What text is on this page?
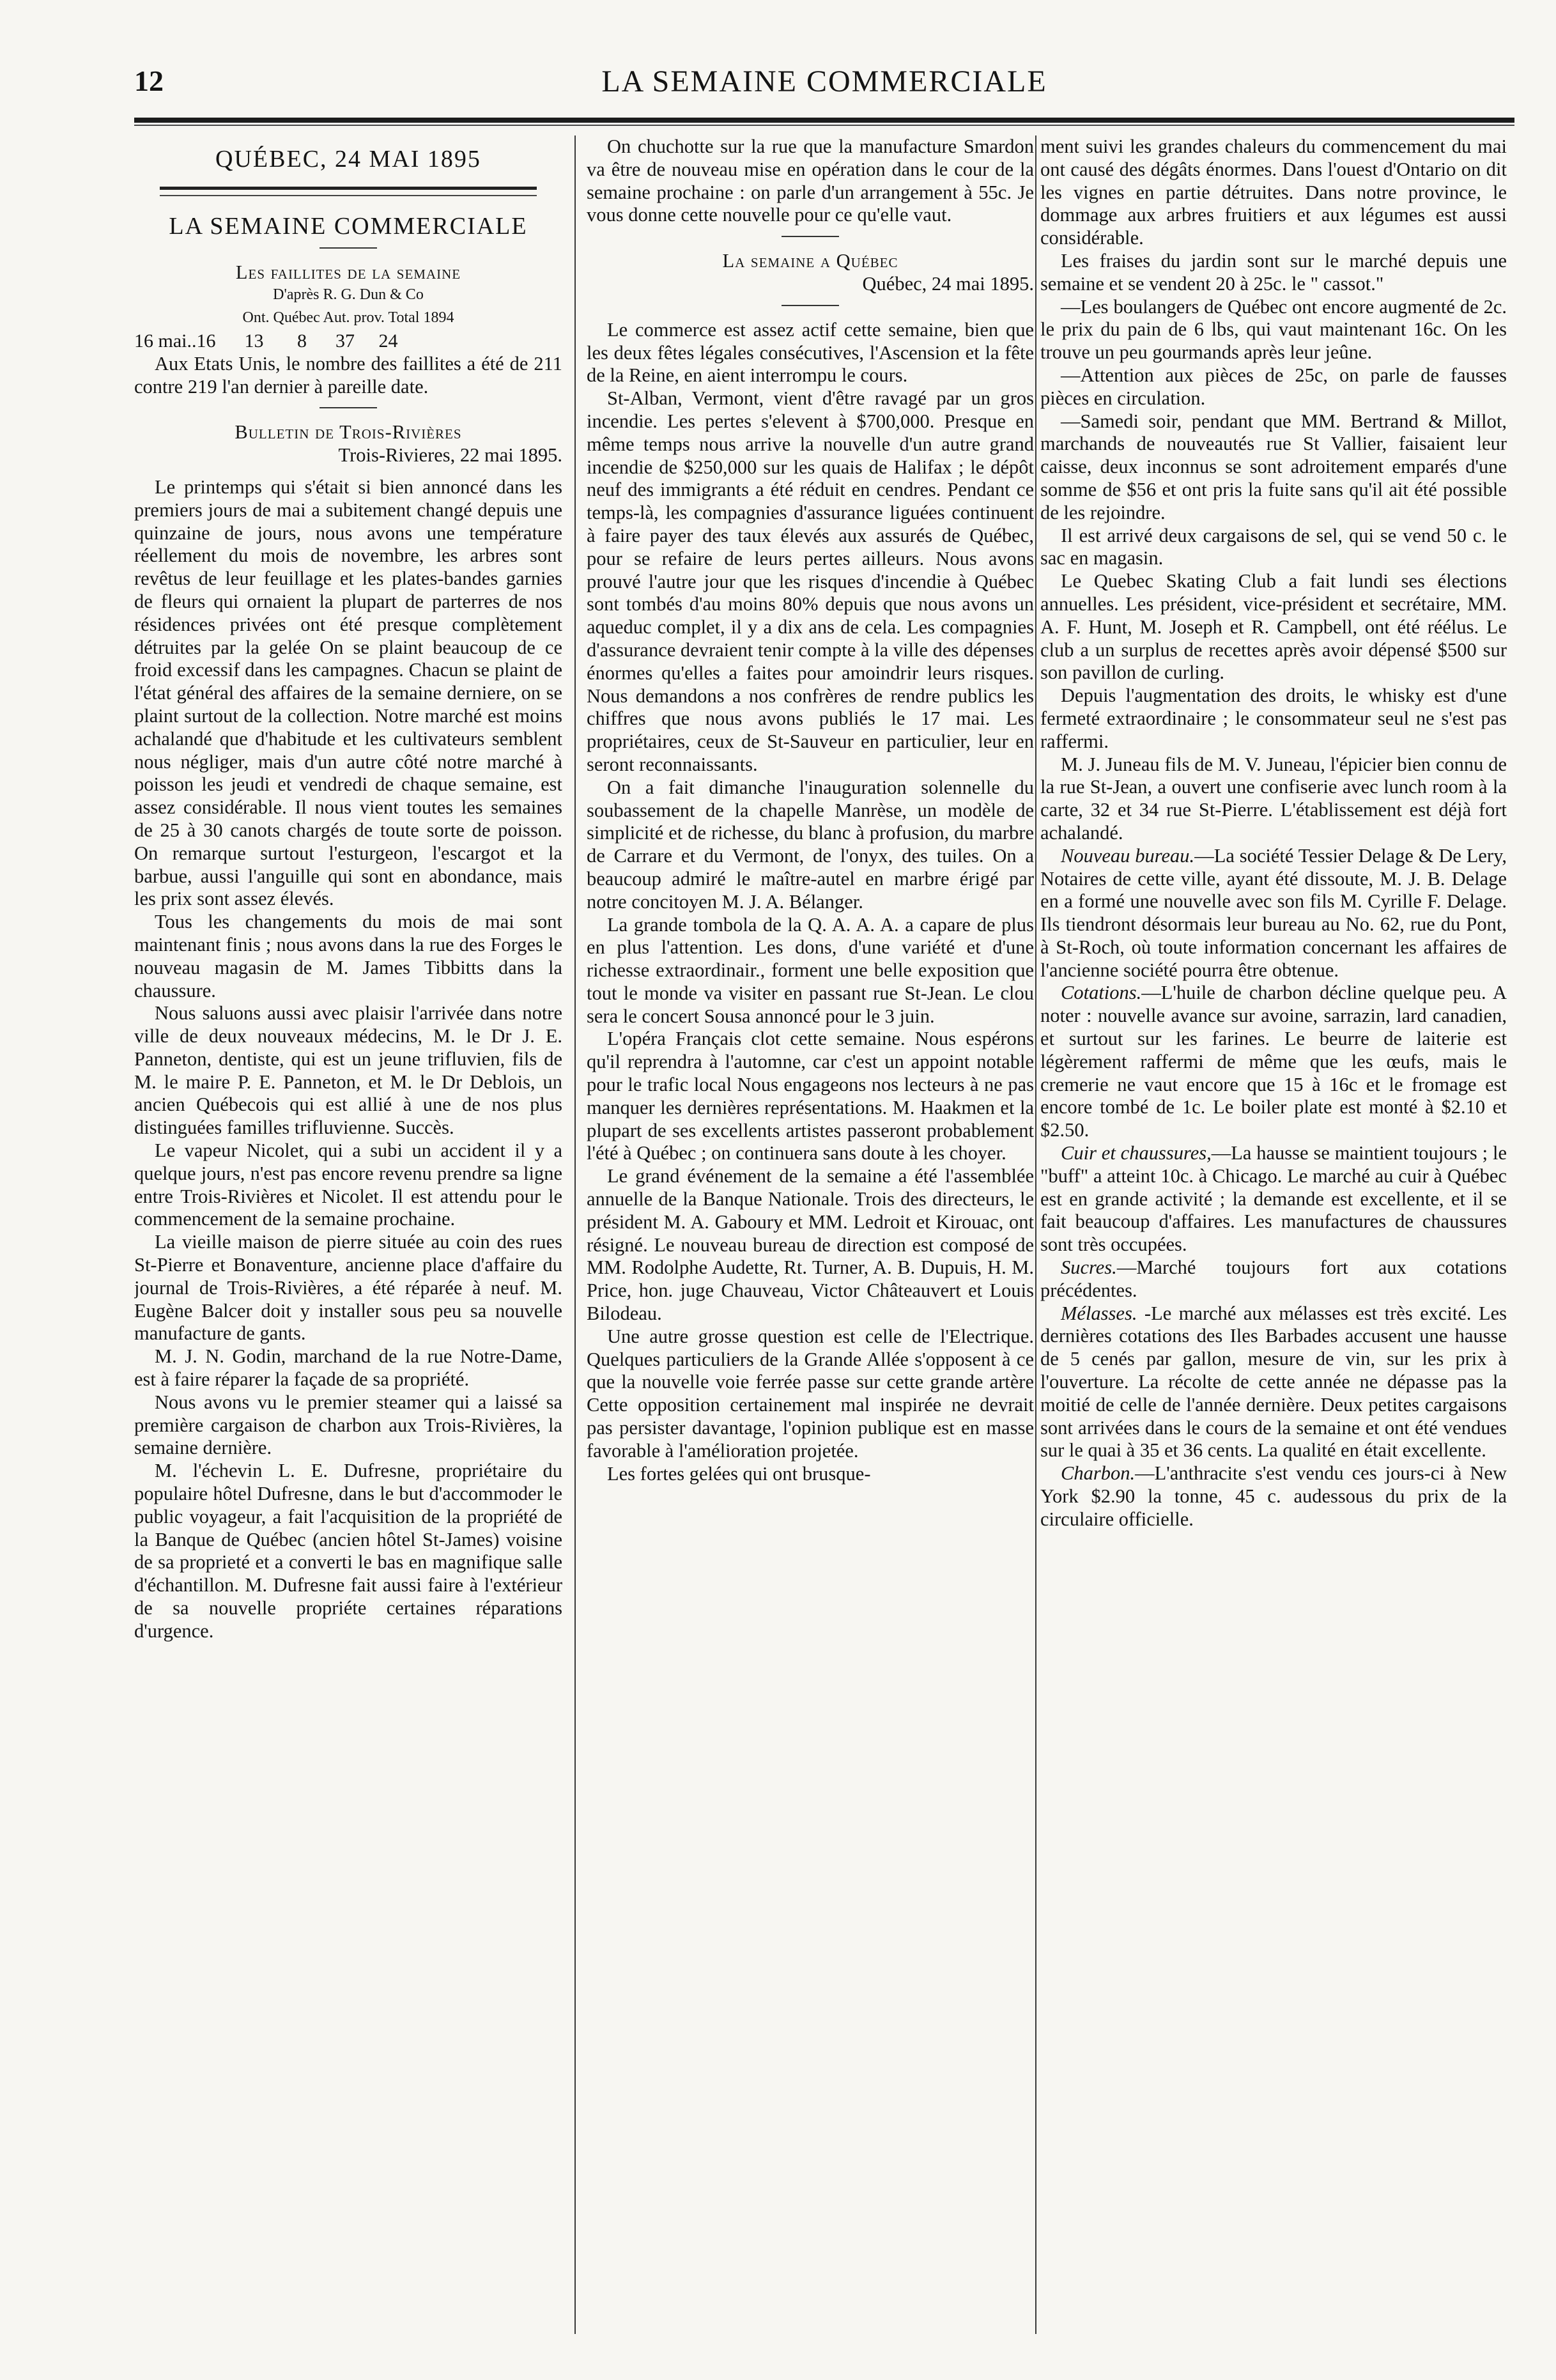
12	LA SEMAINE COMMERCIALE

QUÉBEC, 24 MAI 1895

LA SEMAINE COMMERCIALE

Les faillites de la semaine

D'après R. G. Dun & Co

Ont. Québec Aut. prov. Total 1894

16 mai..16      13       8      37     24

Aux Etats Unis, le nombre des faillites a été de 211 contre 219 l'an dernier à pareille date.

Bulletin de Trois-Rivières

Trois-Rivieres, 22 mai 1895.

Le printemps qui s'était si bien annoncé dans les premiers jours de mai a subitement changé depuis une quinzaine de jours, nous avons une température réellement du mois de novembre, les arbres sont revêtus de leur feuillage et les plates-bandes garnies de fleurs qui ornaient la plupart de parterres de nos résidences privées ont été presque complètement détruites par la gelée On se plaint beaucoup de ce froid excessif dans les campagnes. Chacun se plaint de l'état général des affaires de la semaine derniere, on se plaint surtout de la collection. Notre marché est moins achalandé que d'habitude et les cultivateurs semblent nous négliger, mais d'un autre côté notre marché à poisson les jeudi et vendredi de chaque semaine, est assez considérable. Il nous vient toutes les semaines de 25 à 30 canots chargés de toute sorte de poisson. On remarque surtout l'esturgeon, l'escargot et la barbue, aussi l'anguille qui sont en abondance, mais les prix sont assez élevés.

Tous les changements du mois de mai sont maintenant finis ; nous avons dans la rue des Forges le nouveau magasin de M. James Tibbitts dans la chaussure.

Nous saluons aussi avec plaisir l'arrivée dans notre ville de deux nouveaux médecins, M. le Dr J. E. Panneton, dentiste, qui est un jeune trifluvien, fils de M. le maire P. E. Panneton, et M. le Dr Deblois, un ancien Québecois qui est allié à une de nos plus distinguées familles trifluvienne. Succès.

Le vapeur Nicolet, qui a subi un accident il y a quelque jours, n'est pas encore revenu prendre sa ligne entre Trois-Rivières et Nicolet. Il est attendu pour le commencement de la semaine prochaine.

La vieille maison de pierre située au coin des rues St-Pierre et Bonaventure, ancienne place d'affaire du journal de Trois-Rivières, a été réparée à neuf. M. Eugène Balcer doit y installer sous peu sa nouvelle manufacture de gants.

M. J. N. Godin, marchand de la rue Notre-Dame, est à faire réparer la façade de sa propriété.

Nous avons vu le premier steamer qui a laissé sa première cargaison de charbon aux Trois-Rivières, la semaine dernière.

M. l'échevin L. E. Dufresne, propriétaire du populaire hôtel Dufresne, dans le but d'accommoder le public voyageur, a fait l'acquisition de la propriété de la Banque de Québec (ancien hôtel St-James) voisine de sa proprieté et a converti le bas en magnifique salle d'échantillon. M. Dufresne fait aussi faire à l'extérieur de sa nouvelle propriéte certaines réparations d'urgence.

On chuchotte sur la rue que la manufacture Smardon va être de nouveau mise en opération dans le cour de la semaine prochaine : on parle d'un arrangement à 55c. Je vous donne cette nouvelle pour ce qu'elle vaut.

La semaine a Québec

Québec, 24 mai 1895.

Le commerce est assez actif cette semaine, bien que les deux fêtes légales consécutives, l'Ascension et la fête de la Reine, en aient interrompu le cours.

St-Alban, Vermont, vient d'être ravagé par un gros incendie. Les pertes s'elevent à $700,000. Presque en même temps nous arrive la nouvelle d'un autre grand incendie de $250,000 sur les quais de Halifax ; le dépôt neuf des immigrants a été réduit en cendres. Pendant ce temps-là, les compagnies d'assurance liguées continuent à faire payer des taux élevés aux assurés de Québec, pour se refaire de leurs pertes ailleurs. Nous avons prouvé l'autre jour que les risques d'incendie à Québec sont tombés d'au moins 80% depuis que nous avons un aqueduc complet, il y a dix ans de cela. Les compagnies d'assurance devraient tenir compte à la ville des dépenses énormes qu'elles a faites pour amoindrir leurs risques. Nous demandons a nos confrères de rendre publics les chiffres que nous avons publiés le 17 mai. Les propriétaires, ceux de St-Sauveur en particulier, leur en seront reconnaissants.

On a fait dimanche l'inauguration solennelle du soubassement de la chapelle Manrèse, un modèle de simplicité et de richesse, du blanc à profusion, du marbre de Carrare et du Vermont, de l'onyx, des tuiles. On a beaucoup admiré le maître-autel en marbre érigé par notre concitoyen M. J. A. Bélanger.

La grande tombola de la Q. A. A. A. a capare de plus en plus l'attention. Les dons, d'une variété et d'une richesse extraordinair., forment une belle exposition que tout le monde va visiter en passant rue St-Jean. Le clou sera le concert Sousa annoncé pour le 3 juin.

L'opéra Français clot cette semaine. Nous espérons qu'il reprendra à l'automne, car c'est un appoint notable pour le trafic local Nous engageons nos lecteurs à ne pas manquer les dernières représentations. M. Haakmen et la plupart de ses excellents artistes passeront probablement l'été à Québec ; on continuera sans doute à les choyer.

Le grand événement de la semaine a été l'assemblée annuelle de la Banque Nationale. Trois des directeurs, le président M. A. Gaboury et MM. Ledroit et Kirouac, ont résigné. Le nouveau bureau de direction est composé de MM. Rodolphe Audette, Rt. Turner, A. B. Dupuis, H. M. Price, hon. juge Chauveau, Victor Châteauvert et Louis Bilodeau.

Une autre grosse question est celle de l'Electrique. Quelques particuliers de la Grande Allée s'opposent à ce que la nouvelle voie ferrée passe sur cette grande artère Cette opposition certainement mal inspirée ne devrait pas persister davantage, l'opinion publique est en masse favorable à l'amélioration projetée.

Les fortes gelées qui ont brusque-

ment suivi les grandes chaleurs du commencement du mai ont causé des dégâts énormes. Dans l'ouest d'Ontario on dit les vignes en partie détruites. Dans notre province, le dommage aux arbres fruitiers et aux légumes est aussi considérable.

Les fraises du jardin sont sur le marché depuis une semaine et se vendent 20 à 25c. le " cassot."

—Les boulangers de Québec ont encore augmenté de 2c. le prix du pain de 6 lbs, qui vaut maintenant 16c. On les trouve un peu gourmands après leur jeûne.

—Attention aux pièces de 25c, on parle de fausses pièces en circulation.

—Samedi soir, pendant que MM. Bertrand & Millot, marchands de nouveautés rue St Vallier, faisaient leur caisse, deux inconnus se sont adroitement emparés d'une somme de $56 et ont pris la fuite sans qu'il ait été possible de les rejoindre.

Il est arrivé deux cargaisons de sel, qui se vend 50 c. le sac en magasin.

Le Quebec Skating Club a fait lundi ses élections annuelles. Les président, vice-président et secrétaire, MM. A. F. Hunt, M. Joseph et R. Campbell, ont été réélus. Le club a un surplus de recettes après avoir dépensé $500 sur son pavillon de curling.

Depuis l'augmentation des droits, le whisky est d'une fermeté extraordinaire ; le consommateur seul ne s'est pas raffermi.

M. J. Juneau fils de M. V. Juneau, l'épicier bien connu de la rue St-Jean, a ouvert une confiserie avec lunch room à la carte, 32 et 34 rue St-Pierre. L'établissement est déjà fort achalandé.

Nouveau bureau.—La société Tessier Delage & De Lery, Notaires de cette ville, ayant été dissoute, M. J. B. Delage en a formé une nouvelle avec son fils M. Cyrille F. Delage. Ils tiendront désormais leur bureau au No. 62, rue du Pont, à St-Roch, où toute information concernant les affaires de l'ancienne société pourra être obtenue.

Cotations.—L'huile de charbon décline quelque peu. A noter : nouvelle avance sur avoine, sarrazin, lard canadien, et surtout sur les farines. Le beurre de laiterie est légèrement raffermi de même que les œufs, mais le cremerie ne vaut encore que 15 à 16c et le fromage est encore tombé de 1c. Le boiler plate est monté à $2.10 et $2.50.

Cuir et chaussures,—La hausse se maintient toujours ; le "buff" a atteint 10c. à Chicago. Le marché au cuir à Québec est en grande activité ; la demande est excellente, et il se fait beaucoup d'affaires. Les manufactures de chaussures sont très occupées.

Sucres.—Marché toujours fort aux cotations précédentes.

Mélasses. -Le marché aux mélasses est très excité. Les dernières cotations des Iles Barbades accusent une hausse de 5 cenés par gallon, mesure de vin, sur les prix à l'ouverture. La récolte de cette année ne dépasse pas la moitié de celle de l'année dernière. Deux petites cargaisons sont arrivées dans le cours de la semaine et ont été vendues sur le quai à 35 et 36 cents. La qualité en était excellente.

Charbon.—L'anthracite s'est vendu ces jours-ci à New York $2.90 la tonne, 45 c. audessous du prix de la circulaire officielle.
